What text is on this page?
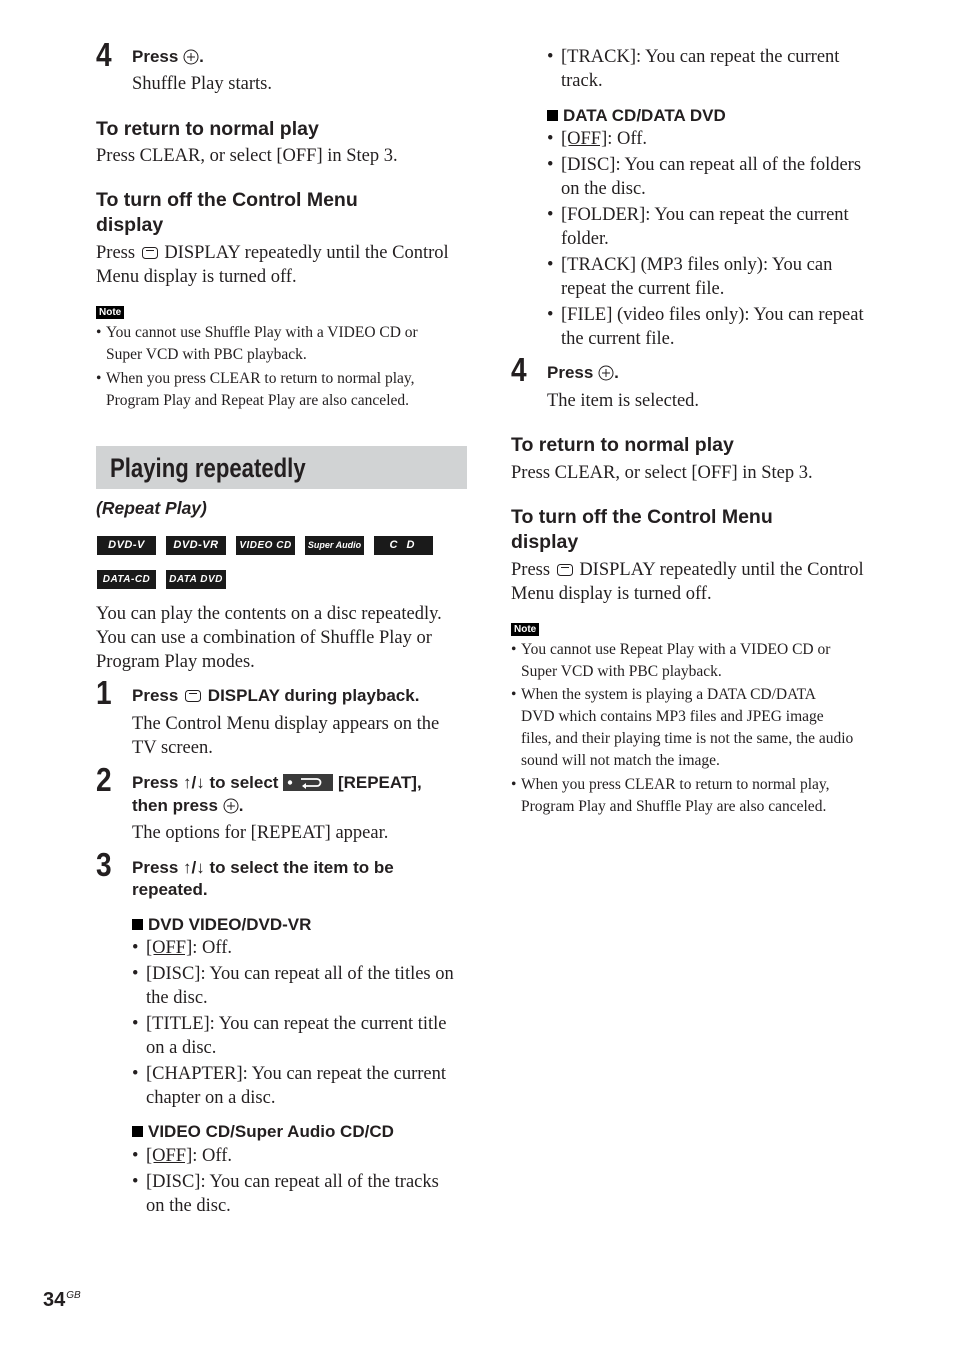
4 Press .
Shuffle Play starts.
To return to normal play
Press CLEAR, or select [OFF] in Step 3.
To turn off the Control Menu
display
Press DISPLAY repeatedly until the Control
Menu display is turned off.
Note
• You cannot use Shuffle Play with a VIDEO CD or
Super VCD with PBC playback.
• When you press CLEAR to return to normal play,
Program Play and Repeat Play are also canceled.
Playing repeatedly
(Repeat Play)
DVD-V	DVD-VR	VIDEO CD	Super Audio CD
C D
DATA-CD	DATA DVD
You can play the contents on a disc repeatedly.
You can use a combination of Shuffle Play or
Program Play modes.
1 Press DISPLAY during playback.
The Control Menu display appears on the
TV screen.
2 Press ↑/↓ to select	[REPEAT],
then press .
The options for [REPEAT] appear.
3 Press ↑/↓ to select the item to be
repeated.
DVD VIDEO/DVD-VR
• [OFF]: Off.
• [DISC]: You can repeat all of the titles on
the disc.
• [TITLE]: You can repeat the current title
on a disc.
• [CHAPTER]: You can repeat the current
chapter on a disc.
VIDEO CD/Super Audio CD/CD
• [OFF]: Off.
• [DISC]: You can repeat all of the tracks
on the disc.
• [TRACK]: You can repeat the current
track.
DATA CD/DATA DVD
• [OFF]: Off.
• [DISC]: You can repeat all of the folders
on the disc.
• [FOLDER]: You can repeat the current
folder.
• [TRACK] (MP3 files only): You can
repeat the current file.
• [FILE] (video files only): You can repeat
the current file.
4 Press .
The item is selected.
To return to normal play
Press CLEAR, or select [OFF] in Step 3.
To turn off the Control Menu
display
Press DISPLAY repeatedly until the Control
Menu display is turned off.
Note
• You cannot use Repeat Play with a VIDEO CD or
Super VCD with PBC playback.
• When the system is playing a DATA CD/DATA
DVD which contains MP3 files and JPEG image
files, and their playing time is not the same, the audio
sound will not match the image.
• When you press CLEAR to return to normal play,
Program Play and Shuffle Play are also canceled.
$34^{GB}$
